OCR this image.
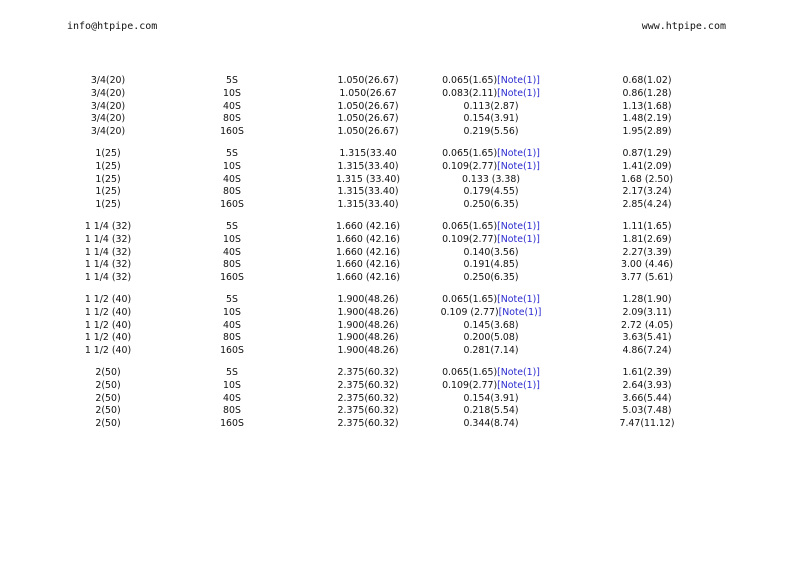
info@htpipe.com	www.htpipe.com
3/4(20)	5S	1.050(26.67)	0.065(1.65)[Note(1)]	0.68(1.02)
3/4(20)	10S	1.050(26.67	0.083(2.11)[Note(1)]	0.86(1.28)
3/4(20)	40S	1.050(26.67)	0.113(2.87)	1.13(1.68)
3/4(20)	80S	1.050(26.67)	0.154(3.91)	1.48(2.19)
3/4(20)	160S	1.050(26.67)	0.219(5.56)	1.95(2.89)
1(25)	5S	1.315(33.40	0.065(1.65)[Note(1)]	0.87(1.29)
1(25)	10S	1.315(33.40)	0.109(2.77)[Note(1)]	1.41(2.09)
1(25)	40S	1.315 (33.40)	0.133 (3.38)	1.68 (2.50)
1(25)	80S	1.315(33.40)	0.179(4.55)	2.17(3.24)
1(25)	160S	1.315(33.40)	0.250(6.35)	2.85(4.24)
1 1/4 (32)	5S	1.660 (42.16)	0.065(1.65)[Note(1)]	1.11(1.65)
1 1/4 (32)	10S	1.660 (42.16)	0.109(2.77)[Note(1)]	1.81(2.69)
1 1/4 (32)	40S	1.660 (42.16)	0.140(3.56)	2.27(3.39)
1 1/4 (32)	80S	1.660 (42.16)	0.191(4.85)	3.00 (4.46)
1 1/4 (32)	160S	1.660 (42.16)	0.250(6.35)	3.77 (5.61)
1 1/2 (40)	5S	1.900(48.26)	0.065(1.65)[Note(1)]	1.28(1.90)
1 1/2 (40)	10S	1.900(48.26)	0.109 (2.77)[Note(1)]	2.09(3.11)
1 1/2 (40)	40S	1.900(48.26)	0.145(3.68)	2.72 (4.05)
1 1/2 (40)	80S	1.900(48.26)	0.200(5.08)	3.63(5.41)
1 1/2 (40)	160S	1.900(48.26)	0.281(7.14)	4.86(7.24)
2(50)	5S	2.375(60.32)	0.065(1.65)[Note(1)]	1.61(2.39)
2(50)	10S	2.375(60.32)	0.109(2.77)[Note(1)]	2.64(3.93)
2(50)	40S	2.375(60.32)	0.154(3.91)	3.66(5.44)
2(50)	80S	2.375(60.32)	0.218(5.54)	5.03(7.48)
2(50)	160S	2.375(60.32)	0.344(8.74)	7.47(11.12)
